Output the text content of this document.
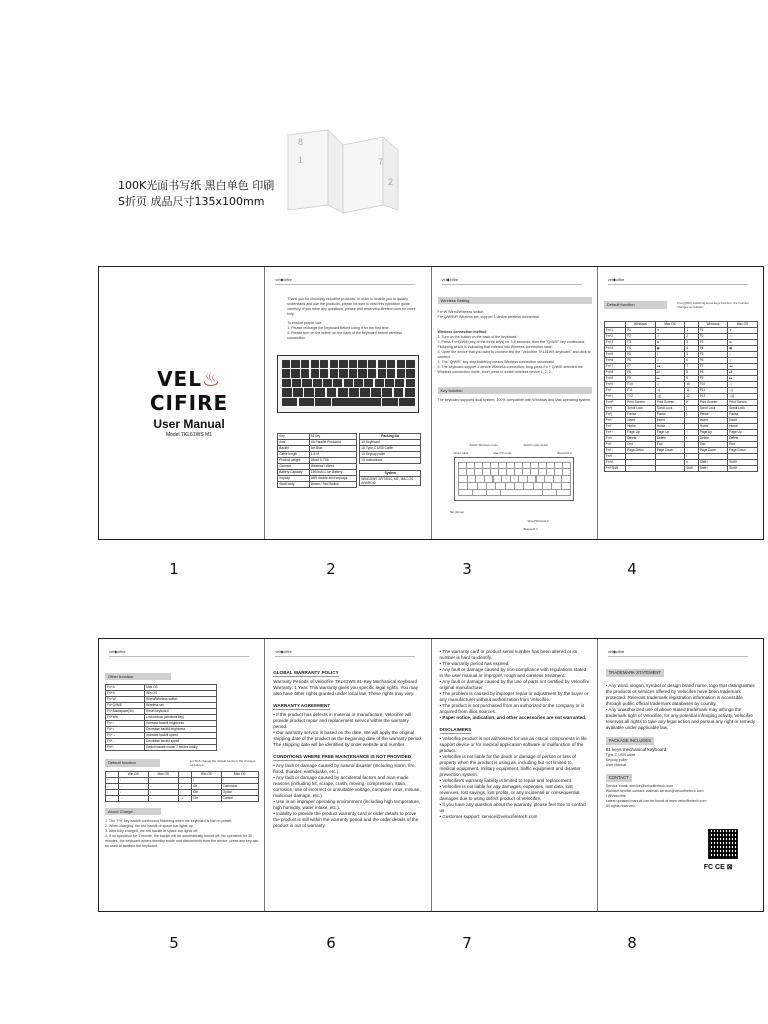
8
1	7
2
100K光面书写纸 黑白单色 印刷
S折页 成品尺寸135x100mm
VEL♨CIFIRE
User Manual
Model TKL61WS M1
vel◆cifire
Thank you for choosing Velocifire products. In order to enable you to quickly understand and use the products, please be sure to read this operation guide carefully. If you have any questions, please visit www.velocifiretech.com for more help.
To ensure proper use:
1. Please recharge the keyboard before using it for the first time.
2. Please turn on the button on the back of the keyboard before wireless connection.
Key	61 key
Axis	VA Parallel Produced
Backlit	Ice Blue
Cable length	1.8 M
Product weight	About 0.71lb
Connect	Wireless / Wired
Battery Capacity	1900mA Li-ion Battery
Keycap	ABS double-shot keycaps
Shaft body	Brown / Red Switch
Packing list
1X Keyboard
1X Type-C USB Cable
1X Keycap puller
1X Instructions
System
WINDOWS XP/7/8/10, ME, MAC OS, ANDROID
vel◆cifire
Wireless Setting
Fn+W Wired/Wireless switch
Fn+Q/W/E/R Wireless set, support 3 device wireless connection
Wireless connection method
1. Turn on the button on the back of the keyboard.
2. Press Fn+Q/W/E(any of the three keys) for 3-5 seconds, then the "Q/W/E" key continuous. Flickering which is indicating that entered into Wireless connection state.
3. Open the device that you want to connect find the "Velocifire TKL61WS keyboard" and click to connect.
4. The "Q/W/E" key stop flickering means Wireless connection successful.
5. The keyboard support 3 device Wireless connection, long press Fn + Q/W/E selected the Wireless connection mode, short press to switch wireless device 1, 2, 3.
Key function
The keyboard supports dual system, 100% compatible with Windows and Mac operating system.
Switch Windows mode	Switch mode switch
Wired cable	Mac OS mode	Bluetooth 2
Tab (Arrow)
Wired/Wireless 2
Bluetooth 3
vel◆cifire
Default function	Fn+Q(Win) switching some keys function, the function changes as follows:
	Windows	Mac OS		Windows	Mac OS
Fn+1	F1	☀	1	F1	☀
Fn+2	F2	☼	2	F2	☼
Fn+3	F3	⊞	3	F3	⊞
Fn+4	F4	▦	4	F4	▦
Fn+5	F5	♪	5	F5	♪
Fn+6	F6	♫	6	F6	♫
Fn+7	F7	◂◂	7	F7	◂◂
Fn+8	F8	▸‖	8	F8	▸‖
Fn+9	F9	▸▸	9	F9	▸▸
Fn+0	F10	◁	10	F10	◁
Fn+-	F11	◁)	11	F11	◁)
Fn+=	F12	◁))	12	F12	◁))
Fn+P	Print Screen	Print Screen	P	Print Screen	Print Screen
Fn+[	Scroll Lock	Scroll Lock	[	Scroll Lock	Scroll Lock
Fn+]	Pause	Pause	]	Pause	Pause
Fn+;	Insert	Insert	;	Insert	Insert
Fn+'	Home	Home	'	Home	Home
Fn+↑	Page Up	Page Up	↑	Page Up	Page Up
Fn+/	Delete	Delete	/	Delete	Delete
Fn+.	End	End	.	End	End
Fn+↓	Page Down	Page Down	↓	Page Down	Page Down
Fn+I			I		
Fn+K			K	Shift+	Shift+
Fn+Shift			Shift	Shift+	Shift+
1	2	3	4
vel◆cifire
Other function
Fn+A	Mac OS
Fn+S	Win OS
Fn+W	Wired/Wireless switch
Fn+Q/W/E	Wireless set
Fn+Backspace(3s)	Reset keyboard
Fn+Win	Lock/unlock (windows key)
Fn+↑	Increase backlit brightness
Fn+↓	Decrease backlit brightness
Fn+→	Increase backlit speed
Fn+←	Decrease backlit speed
Fn+\	Switch backlit mode/ 7 modes totally
Default function	Fn Shift change the default function, the changes as follows:
	Win OS	Mac OS		Win OS	Mac OS
↑	↑	↑	↑	/	/
←	←	←	←	Alt	Command
↓	↓	↓	↓	Ctrl	Option
→	→	→	→	Ctrl	Control
About Charge
1. The "Fn" key backlit continuous flickering when the keyboard is low on power.
2. When charging, the red backlit of space bar lights up.
3. After fully charged, the red backlit of space bar lights off.
4. If no operation for 1 minute, the backlit will be automatically turned off. No operation for 30 minutes, the keyboard enters standby mode and disconnects from the device, press any key can be used to awaken the keyboard.
vel◆cifire
GLOBAL WARRANTY POLICY
Warranty Periods of Velocifire TKL61WS 61-Key Mechanical Keyboard Warranty: 1 Year. This warranty gives you specific legal rights. You may also have other rights granted under local law. These rights may vary.
WARRANTY AGREEMENT
• If the product has defects in material or manufacture, Velocifire will provide product repair and replacement service within the warranty period.
• Our warranty service is based on the date. We will apply the original shipping date of the product as the beginning date of the warranty period. The shipping date will be identified by order website and number.
CONDITIONS WHERE FREE MAINTENANCE IS NOT PROVIDED
• Any fault or damage caused by natural disaster (including storm, fire, flood, thunder, earthquake, etc.).
• Any fault or damage caused by accidental factors and man-made reasons (including hit, scrape, crash, moving, compression, stain, corrosion, use of incorrect or unsuitable voltage, computer virus, misuse, malicious damage, etc.).
• Use in an improper operating environment (including high temperature, high humidity, water intake, etc.).
• Inability to provide the product warranty card or order details to prove the product is still within the warranty period and the order details of the product is out of warranty.
• The warranty card or product serial number has been altered or its number is hard to identify.
• The warranty period has expired.
• Any fault or damage caused by non-compliance with regulations stated in the user manual or improper, rough and careless treatment.
• Any fault or damage caused by the use of parts not certified by Velocifire original manufacturer.
• The problem is caused by improper repair or adjustment by the buyer or any manufacturer without authorization from Velocifire.
• The product is not purchased from an authorized or the company or is acquired from illicit sources.
• Paper notice, indication, and other accessories are not warranted.
DISCLAIMERS
• Velocifire product is not authorized for use as critical components in life support device or for medical application software or malfunction of the product.
• Velocifire is not liable for the death or damage of person or loss of property when the product is using as, including but not limited to, medical equipment, military equipment, traffic equipment and disaster prevention system.
• Velocifire's warranty liability is limited to repair and replacement.
• Velocifire is not liable for any damages, expenses, lost data, lost revenues, lost savings, lost profits, or any incidental or consequential damages due to using defect product of Velocifire.
• If you have any question about the warranty, please feel free to contact us.
• Customer support: service@velocifiretech.com
vel◆cifire
TRADEMARK STATEMENT
• Any word, slogan, symbol or design brand name, logo that distinguishes the products or services offered by Velocifire have been trademark protected. Relevant trademark registration information is accessible through public official trademark databases by country.
• Any unauthorized use of above stated trademark may infringe the trademark right of Velocifire, for any potential infringing activity, Velocifire reserves all rights to take any legal action and pursue any right or remedy available under applicable law.
PACKAGE INCLUDES
61 keys mechanical keyboard
Type-C USB cable
Keycap puller
User Manual
CONTACT
Service email: service@velocifiretech.com
Walmart service contact: walmart-service@velocifiretech.com
f @Velocifire
Latest updated manual can be found at www.velocifiretech.com
All rights reserved.
FC CE ⊠
5	6	7	8
